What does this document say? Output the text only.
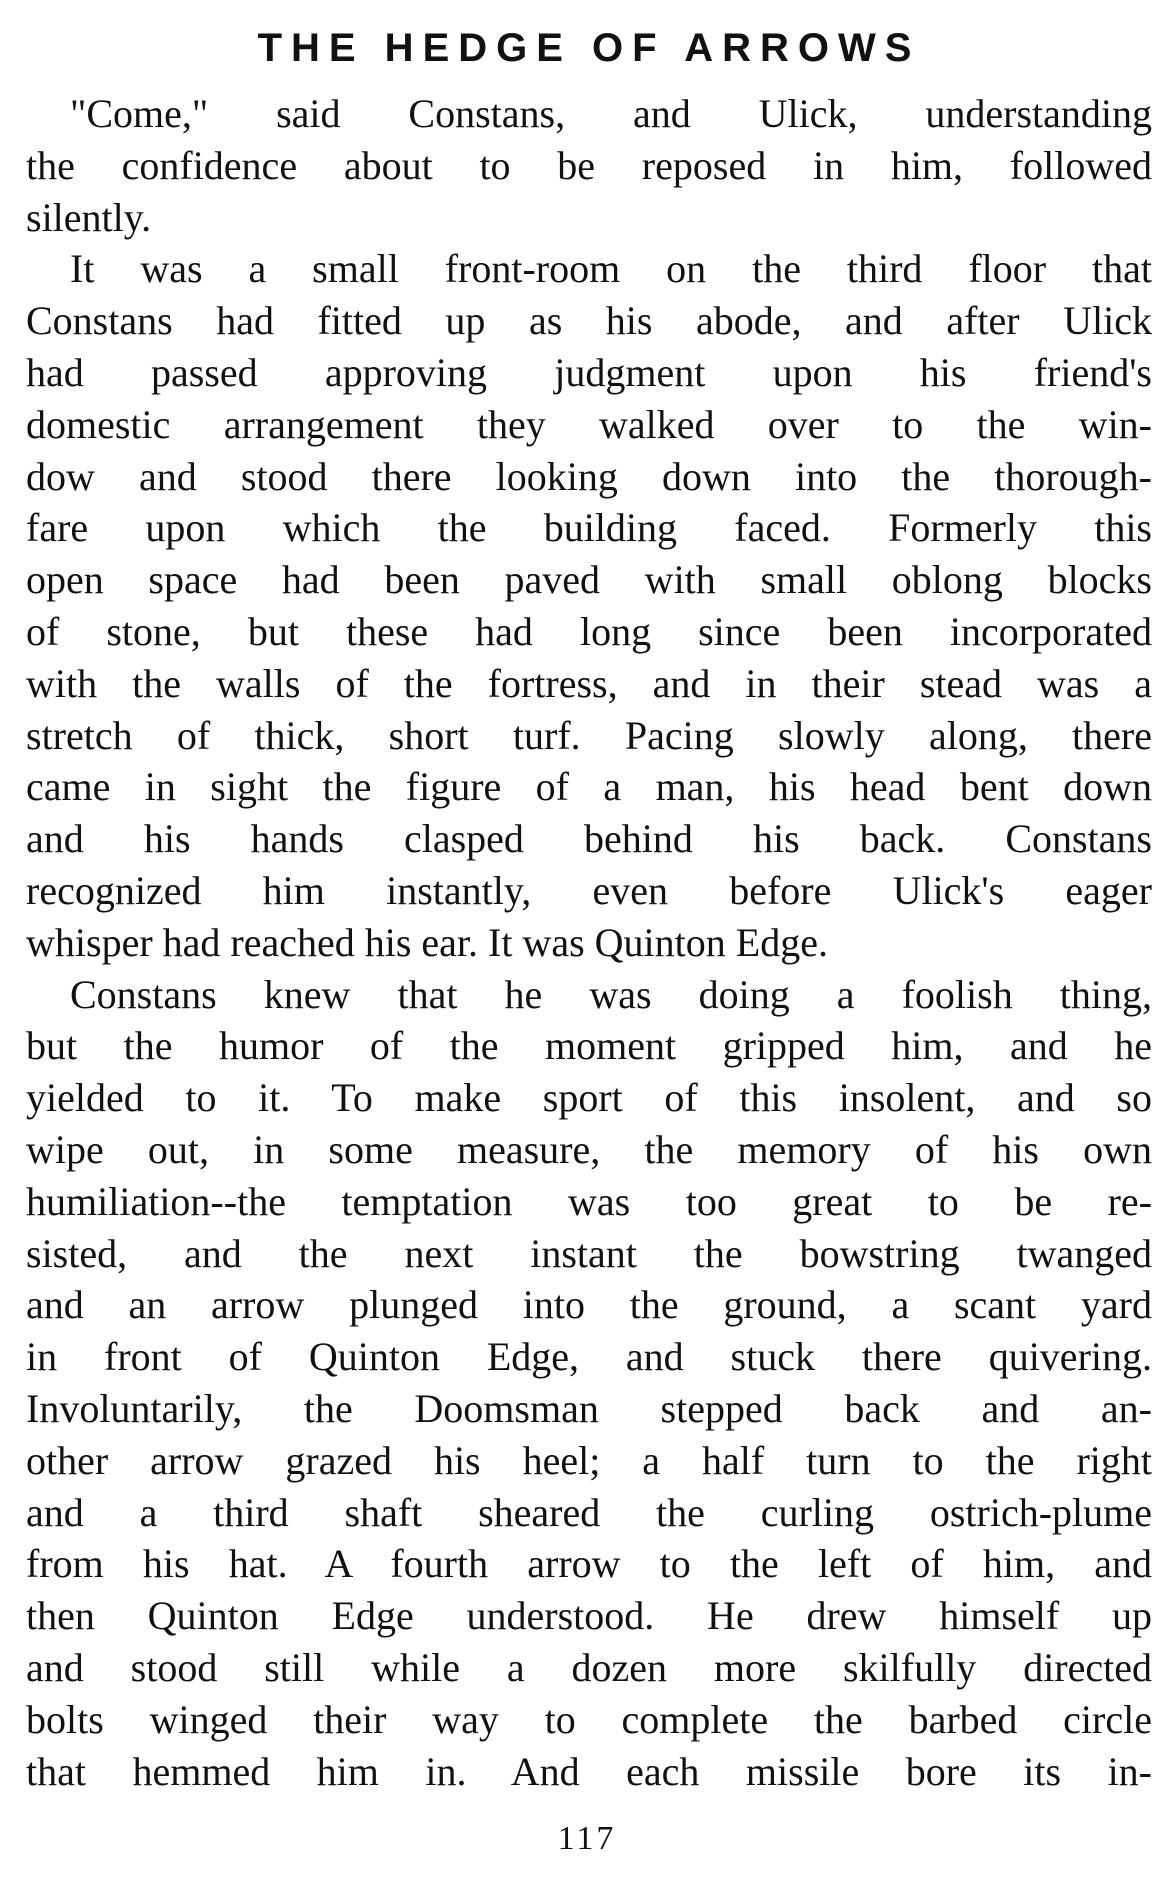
THE HEDGE OF ARROWS

"Come," said Constans, and Ulick, understanding
the confidence about to be reposed in him, followed
silently.

It was a small front-room on the third floor that
Constans had fitted up as his abode, and after Ulick
had passed approving judgment upon his friend's
domestic arrangement they walked over to the win-
dow and stood there looking down into the thorough-
fare upon which the building faced. Formerly this
open space had been paved with small oblong blocks
of stone, but these had long since been incorporated
with the walls of the fortress, and in their stead was a
stretch of thick, short turf. Pacing slowly along, there
came in sight the figure of a man, his head bent down
and his hands clasped behind his back. Constans
recognized him instantly, even before Ulick's eager
whisper had reached his ear. It was Quinton Edge.

Constans knew that he was doing a foolish thing,
but the humor of the moment gripped him, and he
yielded to it. To make sport of this insolent, and so
wipe out, in some measure, the memory of his own
humiliation--the temptation was too great to be re-
sisted, and the next instant the bowstring twanged
and an arrow plunged into the ground, a scant yard
in front of Quinton Edge, and stuck there quivering.
Involuntarily, the Doomsman stepped back and an-
other arrow grazed his heel; a half turn to the right
and a third shaft sheared the curling ostrich-plume
from his hat. A fourth arrow to the left of him, and
then Quinton Edge understood. He drew himself up
and stood still while a dozen more skilfully directed
bolts winged their way to complete the barbed circle
that hemmed him in. And each missile bore its in-

117
